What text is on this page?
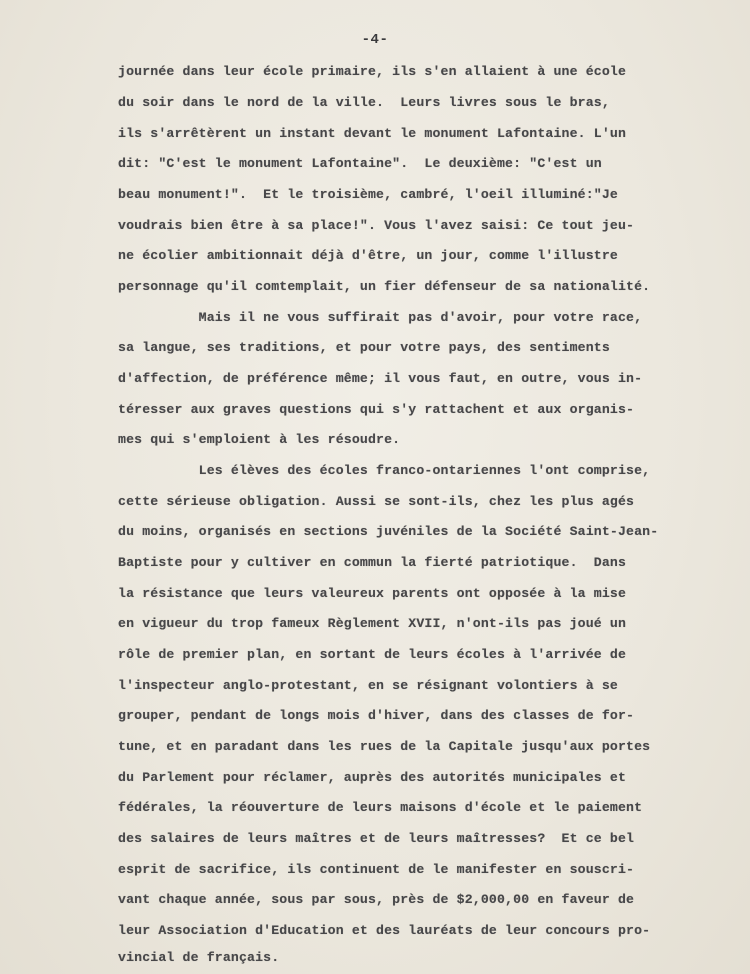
-4-
journée dans leur école primaire, ils s'en allaient à une école
du soir dans le nord de la ville.  Leurs livres sous le bras,
ils s'arrêtèrent un instant devant le monument Lafontaine. L'un
dit: "C'est le monument Lafontaine".  Le deuxième: "C'est un
beau monument!".  Et le troisième, cambré, l'oeil illuminé:"Je
voudrais bien être à sa place!". Vous l'avez saisi: Ce tout jeu-
ne écolier ambitionnait déjà d'être, un jour, comme l'illustre
personnage qu'il comtemplait, un fier défenseur de sa nationalité.
Mais il ne vous suffirait pas d'avoir, pour votre race,
sa langue, ses traditions, et pour votre pays, des sentiments
d'affection, de préférence même; il vous faut, en outre, vous in-
téresser aux graves questions qui s'y rattachent et aux organis-
mes qui s'emploient à les résoudre.
Les élèves des écoles franco-ontariennes l'ont comprise,
cette sérieuse obligation. Aussi se sont-ils, chez les plus agés
du moins, organisés en sections juvéniles de la Société Saint-Jean-
Baptiste pour y cultiver en commun la fierté patriotique.  Dans
la résistance que leurs valeureux parents ont opposée à la mise
en vigueur du trop fameux Règlement XVII, n'ont-ils pas joué un
rôle de premier plan, en sortant de leurs écoles à l'arrivée de
l'inspecteur anglo-protestant, en se résignant volontiers à se
grouper, pendant de longs mois d'hiver, dans des classes de for-
tune, et en paradant dans les rues de la Capitale jusqu'aux portes
du Parlement pour réclamer, auprès des autorités municipales et
fédérales, la réouverture de leurs maisons d'école et le paiement
des salaires de leurs maîtres et de leurs maîtresses?  Et ce bel
esprit de sacrifice, ils continuent de le manifester en souscri-
vant chaque année, sous par sous, près de $2,000,00 en faveur de
leur Association d'Education et des lauréats de leur concours pro-
vincial de français.
